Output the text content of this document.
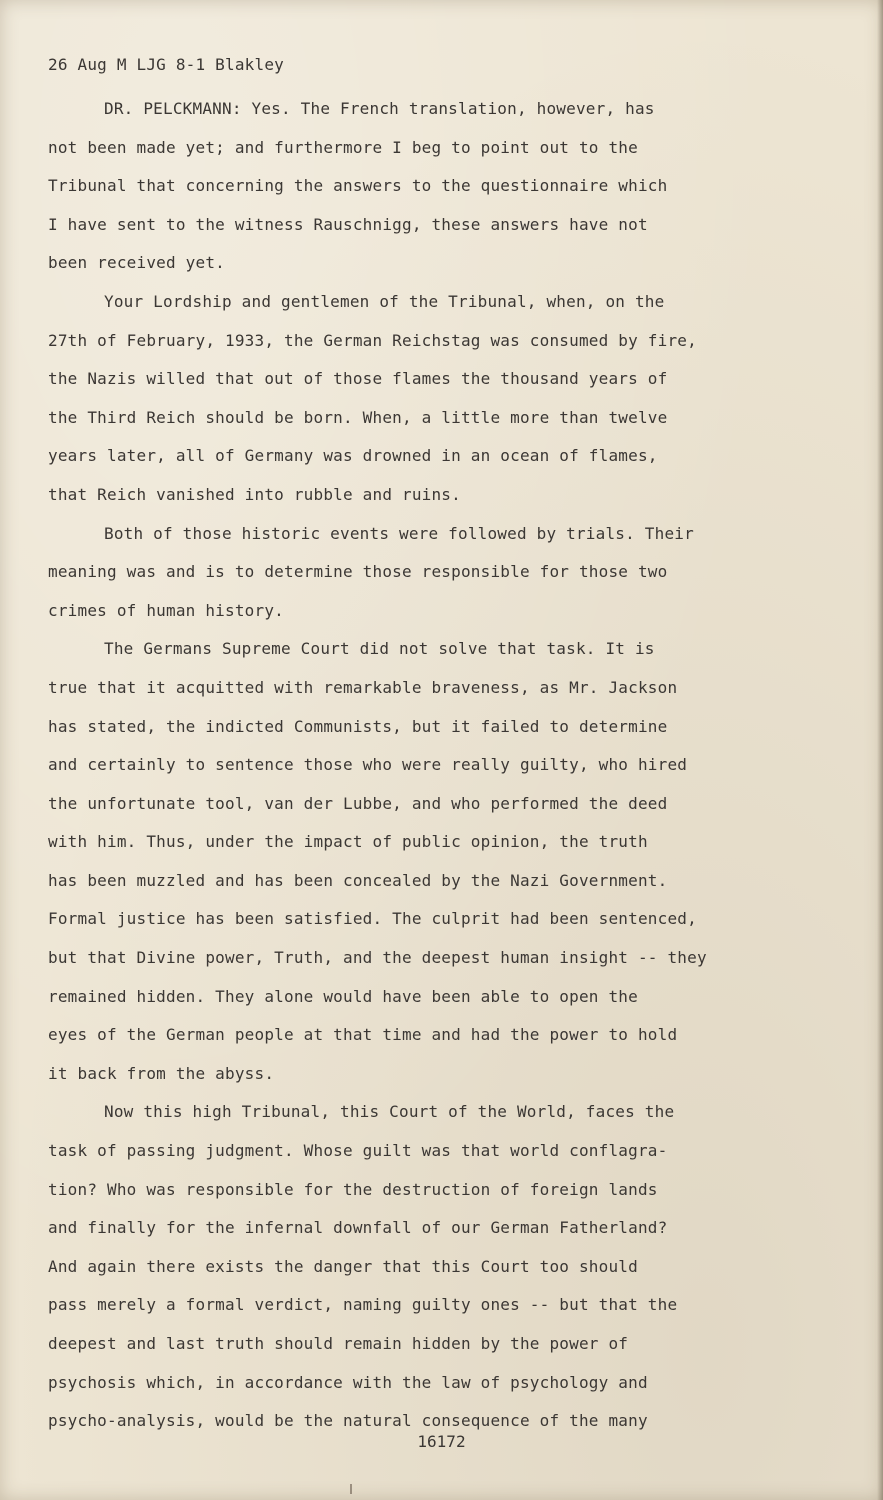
26 Aug M LJG 8-1 Blakley
DR. PELCKMANN: Yes. The French translation, however, has
not been made yet; and furthermore I beg to point out to the
Tribunal that concerning the answers to the questionnaire which
I have sent to the witness Rauschnigg, these answers have not
been received yet.
Your Lordship and gentlemen of the Tribunal, when, on the
27th of February, 1933, the German Reichstag was consumed by fire,
the Nazis willed that out of those flames the thousand years of
the Third Reich should be born. When, a little more than twelve
years later, all of Germany was drowned in an ocean of flames,
that Reich vanished into rubble and ruins.
Both of those historic events were followed by trials. Their
meaning was and is to determine those responsible for those two
crimes of human history.
The Germans Supreme Court did not solve that task. It is
true that it acquitted with remarkable braveness, as Mr. Jackson
has stated, the indicted Communists, but it failed to determine
and certainly to sentence those who were really guilty, who hired
the unfortunate tool, van der Lubbe, and who performed the deed
with him. Thus, under the impact of public opinion, the truth
has been muzzled and has been concealed by the Nazi Government.
Formal justice has been satisfied. The culprit had been sentenced,
but that Divine power, Truth, and the deepest human insight -- they
remained hidden. They alone would have been able to open the
eyes of the German people at that time and had the power to hold
it back from the abyss.
Now this high Tribunal, this Court of the World, faces the
task of passing judgment. Whose guilt was that world conflagra-
tion? Who was responsible for the destruction of foreign lands
and finally for the infernal downfall of our German Fatherland?
And again there exists the danger that this Court too should
pass merely a formal verdict, naming guilty ones -- but that the
deepest and last truth should remain hidden by the power of
psychosis which, in accordance with the law of psychology and
psycho-analysis, would be the natural consequence of the many
16172
